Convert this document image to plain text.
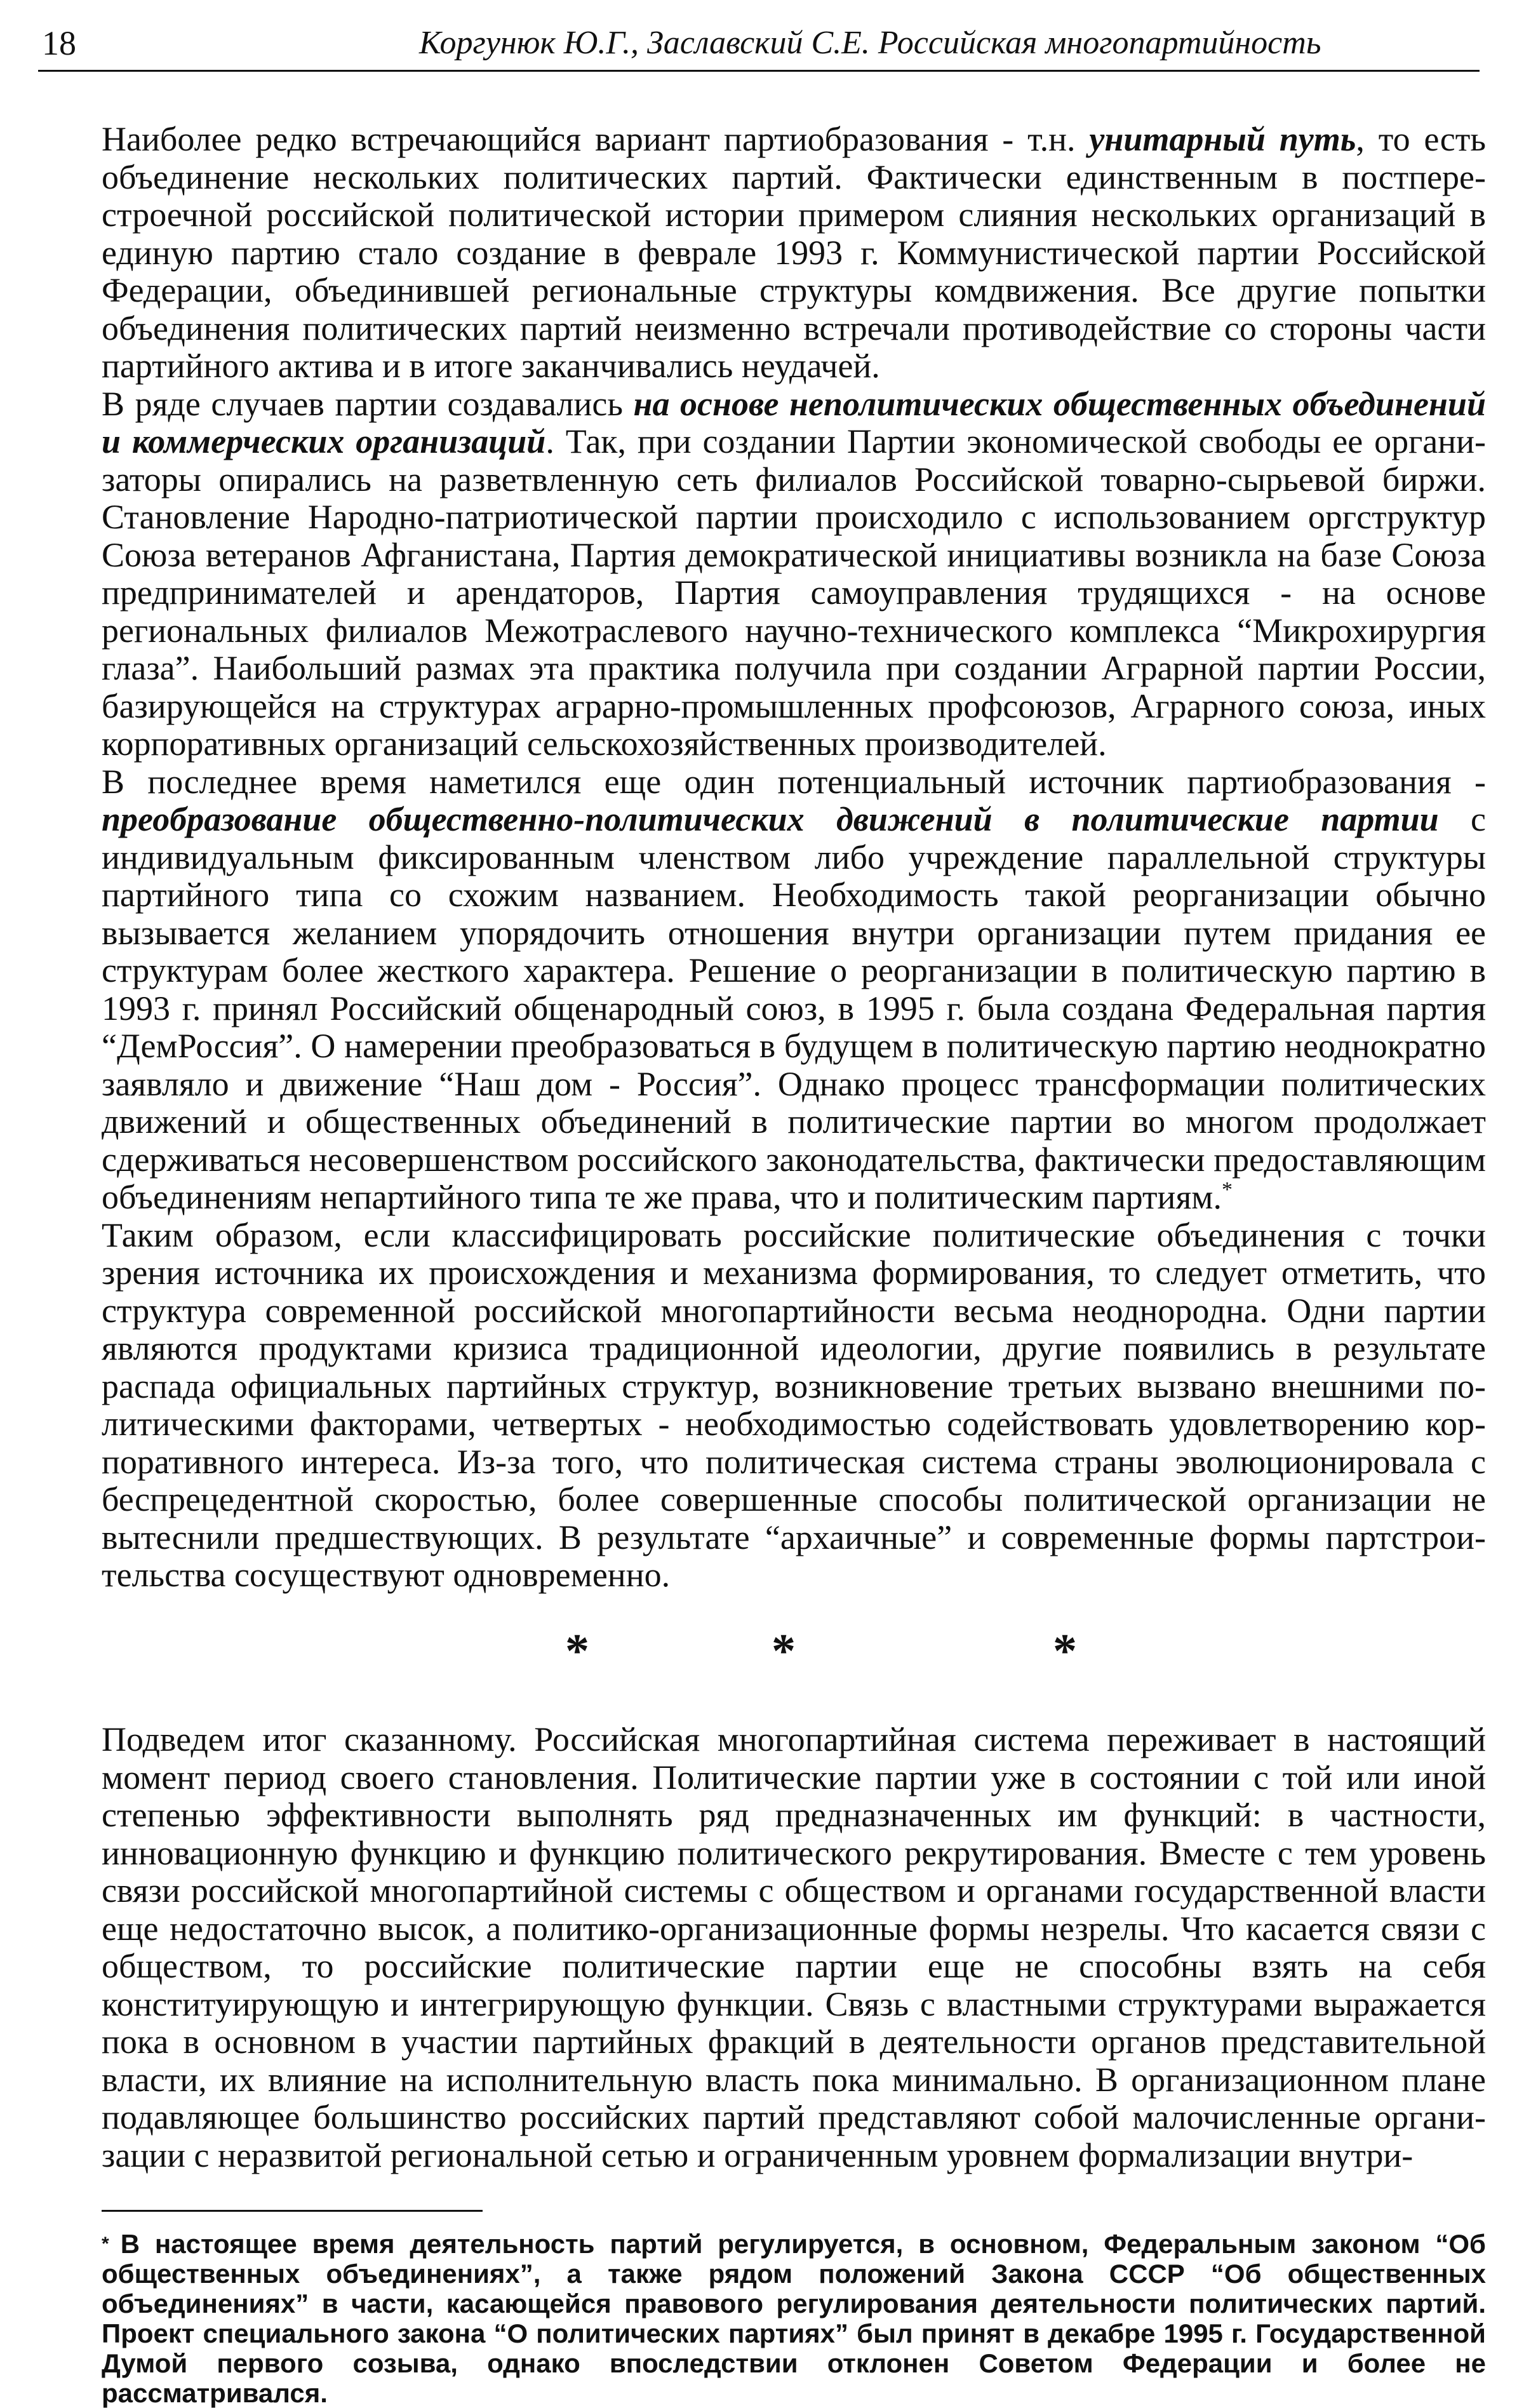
18	Коргунюк Ю.Г., Заславский С.Е. Российская многопартийность

Наиболее редко встречающийся вариант партиобразования - т.н. унитарный путь, то есть объединение нескольких политических партий. Фактически единственным в постперестроечной российской политической истории примером слияния нескольких организаций в единую партию стало создание в феврале 1993 г. Коммунистической партии Российской Федерации, объединившей региональные структуры комдвижения. Все другие попытки объединения политических партий неизменно встречали противодействие со стороны части партийного актива и в итоге заканчивались неудачей.

В ряде случаев партии создавались на основе неполитических общественных объединений и коммерческих организаций. Так, при создании Партии экономической свободы ее организаторы опирались на разветвленную сеть филиалов Российской товарно-сырьевой биржи. Становление Народно-патриотической партии происходило с использованием оргструктур Союза ветеранов Афганистана, Партия демократической инициативы возникла на базе Союза предпринимателей и арендаторов, Партия самоуправления трудящихся - на основе региональных филиалов Межотраслевого научно-технического комплекса “Микрохирургия глаза”. Наибольший размах эта практика получила при создании Аграрной партии России, базирующейся на структурах аграрно-промышленных профсоюзов, Аграрного союза, иных корпоративных организаций сельскохозяйственных производителей.

В последнее время наметился еще один потенциальный источник партиобразования - преобразование общественно-политических движений в политические партии с индивидуальным фиксированным членством либо учреждение параллельной структуры партийного типа со схожим названием. Необходимость такой реорганизации обычно вызывается желанием упорядочить отношения внутри организации путем придания ее структурам более жесткого характера. Решение о реорганизации в политическую партию в 1993 г. принял Российский общенародный союз, в 1995 г. была создана Федеральная партия “ДемРоссия”. О намерении преобразоваться в будущем в политическую партию неоднократно заявляло и движение “Наш дом - Россия”. Однако процесс трансформации политических движений и общественных объединений в политические партии во многом продолжает сдерживаться несовершенством российского законодательства, фактически предоставляющим объединениям непартийного типа те же права, что и политическим партиям.*

Таким образом, если классифицировать российские политические объединения с точки зрения источника их происхождения и механизма формирования, то следует отметить, что структура современной российской многопартийности весьма неоднородна. Одни партии являются продуктами кризиса традиционной идеологии, другие появились в результате распада официальных партийных структур, возникновение третьих вызвано внешними политическими факторами, четвертых - необходимостью содействовать удовлетворению корпоративного интереса. Из-за того, что политическая система страны эволюционировала с беспрецедентной скоростью, более совершенные способы политической организации не вытеснили предшествующих. В результате “архаичные” и современные формы партстроительства сосуществуют одновременно.

*	*	*

Подведем итог сказанному. Российская многопартийная система переживает в настоящий момент период своего становления. Политические партии уже в состоянии с той или иной степенью эффективности выполнять ряд предназначенных им функций: в частности, инновационную функцию и функцию политического рекрутирования. Вместе с тем уровень связи российской многопартийной системы с обществом и органами государственной власти еще недостаточно высок, а политико-организационные формы незрелы. Что касается связи с обществом, то российские политические партии еще не способны взять на себя конституирующую и интегрирующую функции. Связь с властными структурами выражается пока в основном в участии партийных фракций в деятельности органов представительной власти, их влияние на исполнительную власть пока минимально. В организационном плане подавляющее большинство российских партий представляют собой малочисленные организации с неразвитой региональной сетью и ограниченным уровнем формализации внутри-

* В настоящее время деятельность партий регулируется, в основном, Федеральным законом “Об общественных объединениях”, а также рядом положений Закона СССР “Об общественных объединениях” в части, касающейся правового регулирования деятельности политических партий. Проект специального закона “О политических партиях” был принят в декабре 1995 г. Государственной Думой первого созыва, однако впоследствии отклонен Советом Федерации и более не рассматривался.
